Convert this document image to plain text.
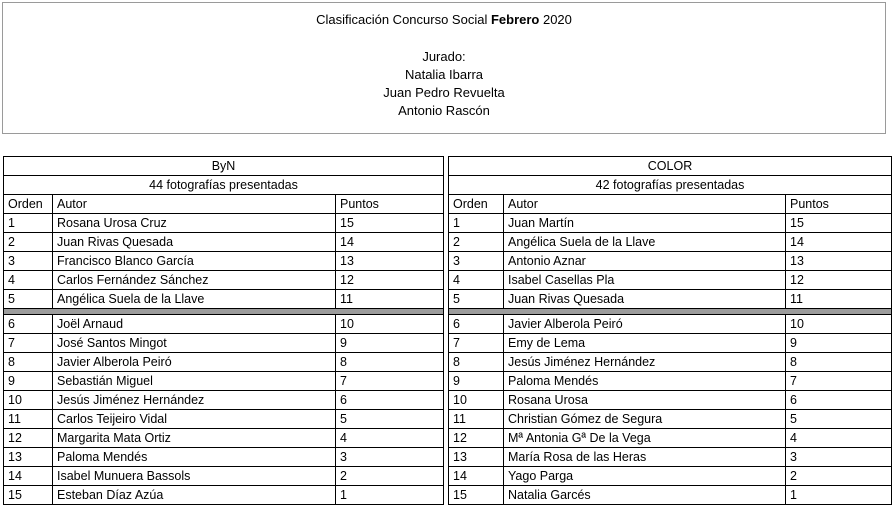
Clasificación Concurso Social Febrero 2020
Jurado:
Natalia Ibarra
Juan Pedro Revuelta
Antonio Rascón
ByN		
44 fotografías presentadas		
Orden	Autor	Puntos
1	Rosana Urosa Cruz	15
2	Juan Rivas Quesada	14
3	Francisco Blanco García	13
4	Carlos Fernández Sánchez	12
5	Angélica Suela de la Llave	11

6	Joël Arnaud	10
7	José Santos Mingot	9
8	Javier Alberola Peiró	8
9	Sebastián Miguel	7
10	Jesús Jiménez Hernández	6
11	Carlos Teijeiro Vidal	5
12	Margarita Mata Ortiz	4
13	Paloma Mendés	3
14	Isabel Munuera Bassols	2
15	Esteban Díaz Azúa	1
COLOR		
42 fotografías presentadas		
Orden	Autor	Puntos
1	Juan Martín	15
2	Angélica Suela de la Llave	14
3	Antonio Aznar	13
4	Isabel Casellas Pla	12
5	Juan Rivas Quesada	11

6	Javier Alberola Peiró	10
7	Emy de Lema	9
8	Jesús Jiménez Hernández	8
9	Paloma Mendés	7
10	Rosana Urosa	6
11	Christian Gómez de Segura	5
12	Mª Antonia Gª De la Vega	4
13	María Rosa de las Heras	3
14	Yago Parga	2
15	Natalia Garcés	1
